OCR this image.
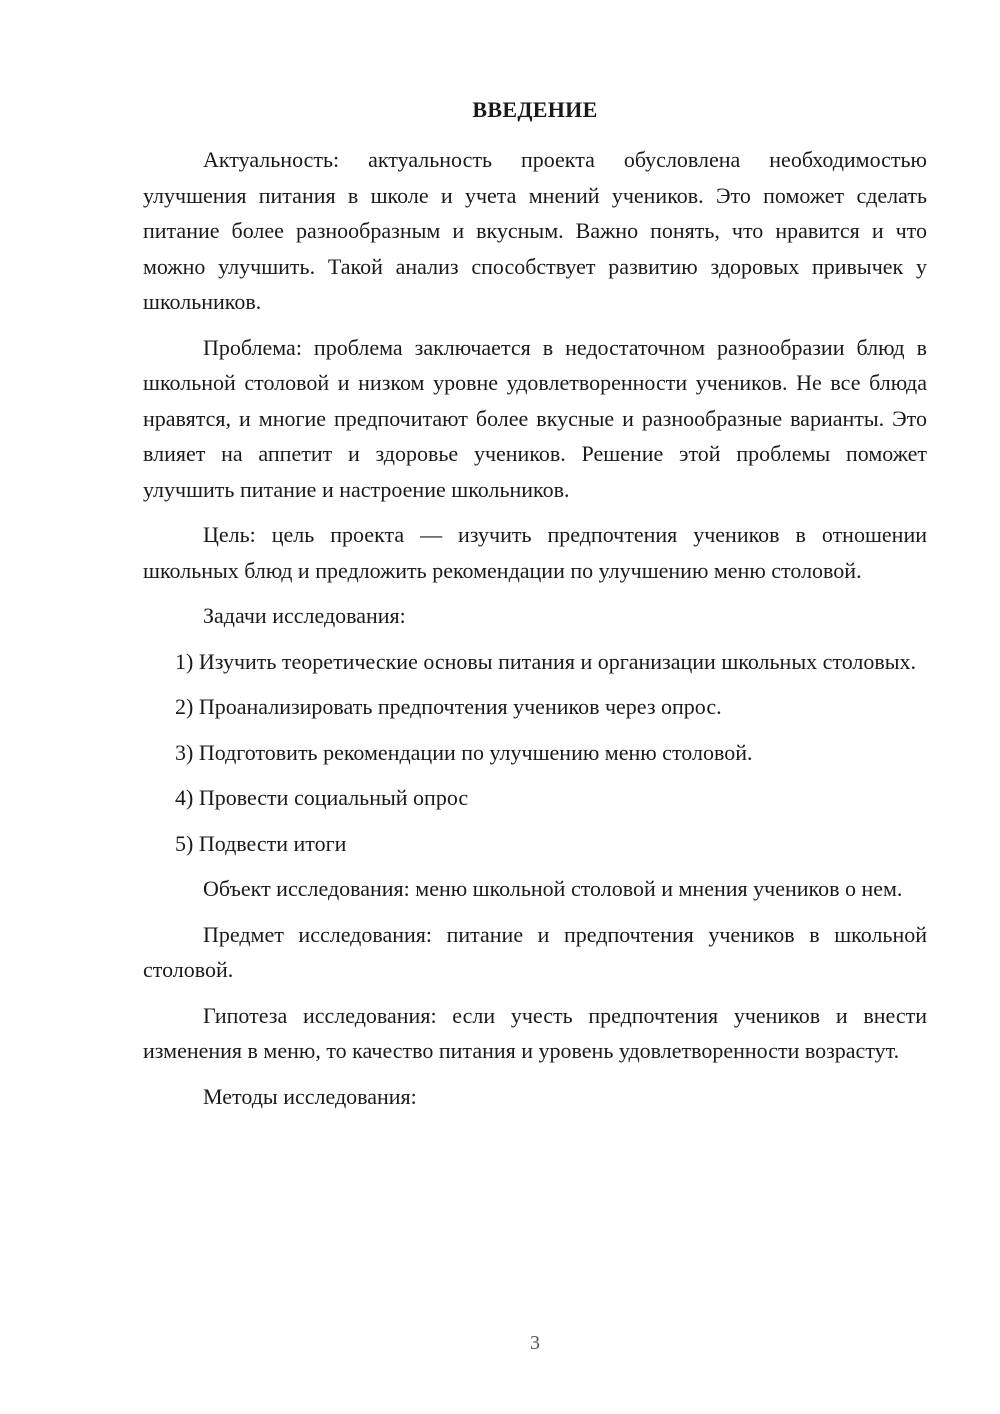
ВВЕДЕНИЕ

Актуальность: актуальность проекта обусловлена необходимостью улучшения питания в школе и учета мнений учеников. Это поможет сделать питание более разнообразным и вкусным. Важно понять, что нравится и что можно улучшить. Такой анализ способствует развитию здоровых привычек у школьников.

Проблема: проблема заключается в недостаточном разнообразии блюд в школьной столовой и низком уровне удовлетворенности учеников. Не все блюда нравятся, и многие предпочитают более вкусные и разнообразные варианты. Это влияет на аппетит и здоровье учеников. Решение этой проблемы поможет улучшить питание и настроение школьников.

Цель: цель проекта — изучить предпочтения учеников в отношении школьных блюд и предложить рекомендации по улучшению меню столовой.

Задачи исследования:

1) Изучить теоретические основы питания и организации школьных столовых.

2) Проанализировать предпочтения учеников через опрос.

3) Подготовить рекомендации по улучшению меню столовой.

4) Провести социальный опрос

5) Подвести итоги

Объект исследования: меню школьной столовой и мнения учеников о нем.

Предмет исследования: питание и предпочтения учеников в школьной столовой.

Гипотеза исследования: если учесть предпочтения учеников и внести изменения в меню, то качество питания и уровень удовлетворенности возрастут.

Методы исследования:

3
